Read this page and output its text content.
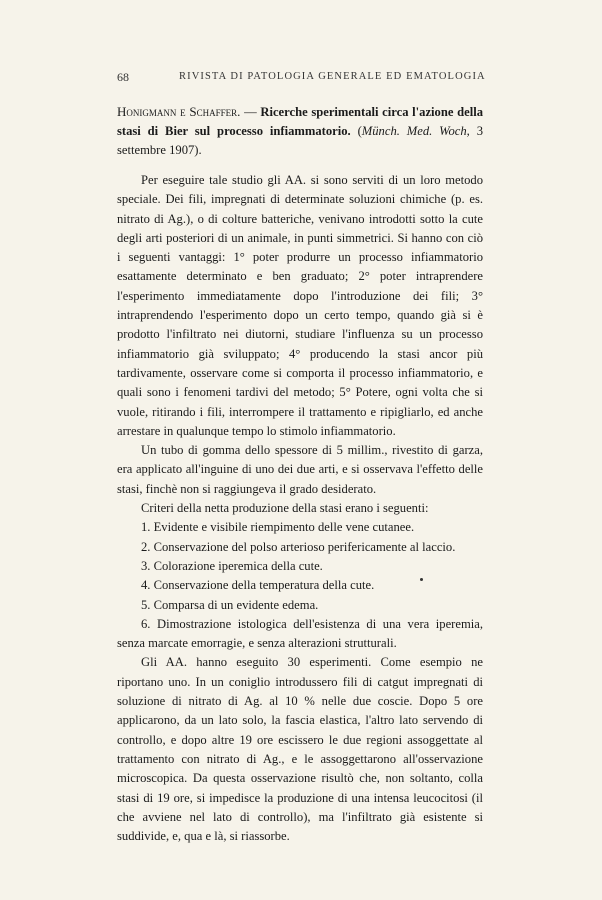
68	RIVISTA DI PATOLOGIA GENERALE ED EMATOLOGIA
Honigmann e Schaffer. — Ricerche sperimentali circa l'azione della stasi di Bier sul processo infiammatorio. (Münch. Med. Woch, 3 settembre 1907).

Per eseguire tale studio gli AA. si sono serviti di un loro metodo speciale. Dei fili, impregnati di determinate soluzioni chimiche (p. es. nitrato di Ag.), o di colture batteriche, venivano introdotti sotto la cute degli arti posteriori di un animale, in punti simmetrici. Si hanno con ciò i seguenti vantaggi: 1° poter produrre un processo infiammatorio esattamente determinato e ben graduato; 2° poter intraprendere l'esperimento immediatamente dopo l'introduzione dei fili; 3° intraprendendo l'esperimento dopo un certo tempo, quando già si è prodotto l'infiltrato nei diutorni, studiare l'influenza su un processo infiammatorio già sviluppato; 4° producendo la stasi ancor più tardivamente, osservare come si comporta il processo infiammatorio, e quali sono i fenomeni tardivi del metodo; 5° Potere, ogni volta che si vuole, ritirando i fili, interrompere il trattamento e ripigliarlo, ed anche arrestare in qualunque tempo lo stimolo infiammatorio.

Un tubo di gomma dello spessore di 5 millim., rivestito di garza, era applicato all'inguine di uno dei due arti, e si osservava l'effetto delle stasi, finchè non si raggiungeva il grado desiderato.

Criteri della netta produzione della stasi erano i seguenti:

1. Evidente e visibile riempimento delle vene cutanee.
2. Conservazione del polso arterioso perifericamente al laccio.
3. Colorazione iperemica della cute.
4. Conservazione della temperatura della cute.
5. Comparsa di un evidente edema.
6. Dimostrazione istologica dell'esistenza di una vera iperemia, senza marcate emorragie, e senza alterazioni strutturali.

Gli AA. hanno eseguito 30 esperimenti. Come esempio ne riportano uno. In un coniglio introdussero fili di catgut impregnati di soluzione di nitrato di Ag. al 10 % nelle due coscie. Dopo 5 ore applicarono, da un lato solo, la fascia elastica, l'altro lato servendo di controllo, e dopo altre 19 ore escissero le due regioni assoggettate al trattamento con nitrato di Ag., e le assoggettarono all'osservazione microscopica. Da questa osservazione risultò che, non soltanto, colla stasi di 19 ore, si impedisce la produzione di una intensa leucocitosi (il che avviene nel lato di controllo), ma l'infiltrato già esistente si suddivide, e, qua e là, si riassorbe.
